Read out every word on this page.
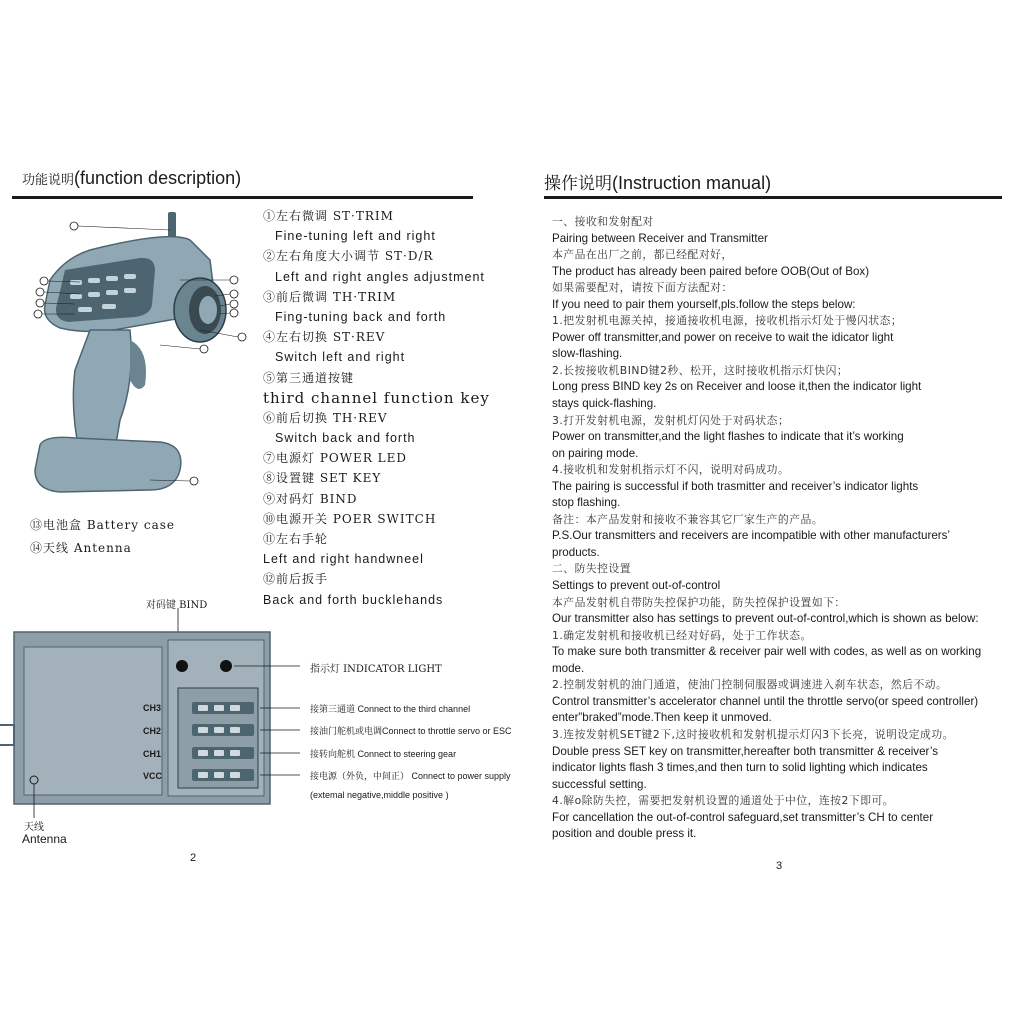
功能说明(function description)
①左右微调 ST·TRIM
Fine-tuning left and right
②左右角度大小调节 ST·D/R
Left and right angles adjustment
③前后微调 TH·TRIM
Fing-tuning back and forth
④左右切换 ST·REV
Switch left and right
⑤第三通道按键
third channel function key
⑥前后切换 TH·REV
Switch back and forth
⑦电源灯 POWER LED
⑧设置键 SET KEY
⑨对码灯 BIND
⑩电源开关 POER SWITCH
⑪左右手轮
Left and right handwneel
⑫前后扳手
Back and forth bucklehands
⑬电池盒 Battery case
⑭天线 Antenna
对码键 BIND
CH3
CH2
CH1
VCC
指示灯 INDICATOR LIGHT
接第三通道 Connect to the third channel
接油门舵机或电调Connect to throttle servo or ESC
接转向舵机 Connect to steering gear
接电源（外负，中间正） Connect to power supply
(extemal negative,middle positive )
天线
Antenna
2
操作说明(Instruction manual)
一、接收和发射配对
Pairing between Receiver and Transmitter
本产品在出厂之前，都已经配对好，
The product has already been paired before OOB(Out of Box)
如果需要配对，请按下面方法配对：
If you need to pair them yourself,pls.follow the steps below:
1.把发射机电源关掉，接通接收机电源，接收机指示灯处于慢闪状态；
Power off transmitter,and power on receive to wait the idicator light
slow-flashing.
2.长按接收机BIND键2秒、松开，这时接收机指示灯快闪；
Long press BIND key 2s on Receiver and loose it,then the indicator light
stays quick-flashing.
3.打开发射机电源，发射机灯闪处于对码状态；
Power on transmitter,and the light flashes to indicate that it’s working
on pairing mode.
4.接收机和发射机指示灯不闪，说明对码成功。
The pairing is successful if both trasmitter and receiver’s indicator lights
stop flashing.
备注：本产品发射和接收不兼容其它厂家生产的产品。
P.S.Our transmitters and receivers are incompatible with other manufacturers’
products.
二、防失控设置
Settings to prevent out-of-control
本产品发射机自带防失控保护功能，防失控保护设置如下：
Our transmitter also has settings to prevent out-of-control,which is shown as below:
1.确定发射机和接收机已经对好码，处于工作状态。
To make sure both transmitter & receiver pair well with codes, as well as on working
mode.
2.控制发射机的油门通道，使油门控制伺服器或调速进入刹车状态，然后不动。
Control transmitter’s accelerator channel until the throttle servo(or speed controller)
enter”braked”mode.Then keep it unmoved.
3.连按发射机SET键2下,这时接收机和发射机提示灯闪3下长亮，说明设定成功。
Double press SET key on transmitter,hereafter both transmitter & receiver’s
indicator lights flash 3 times,and then turn to solid lighting which indicates
successful setting.
4.解o除防失控，需要把发射机设置的通道处于中位，连按2下即可。
For cancellation the out-of-control safeguard,set transmitter’s CH to center
position and double press it.
3
